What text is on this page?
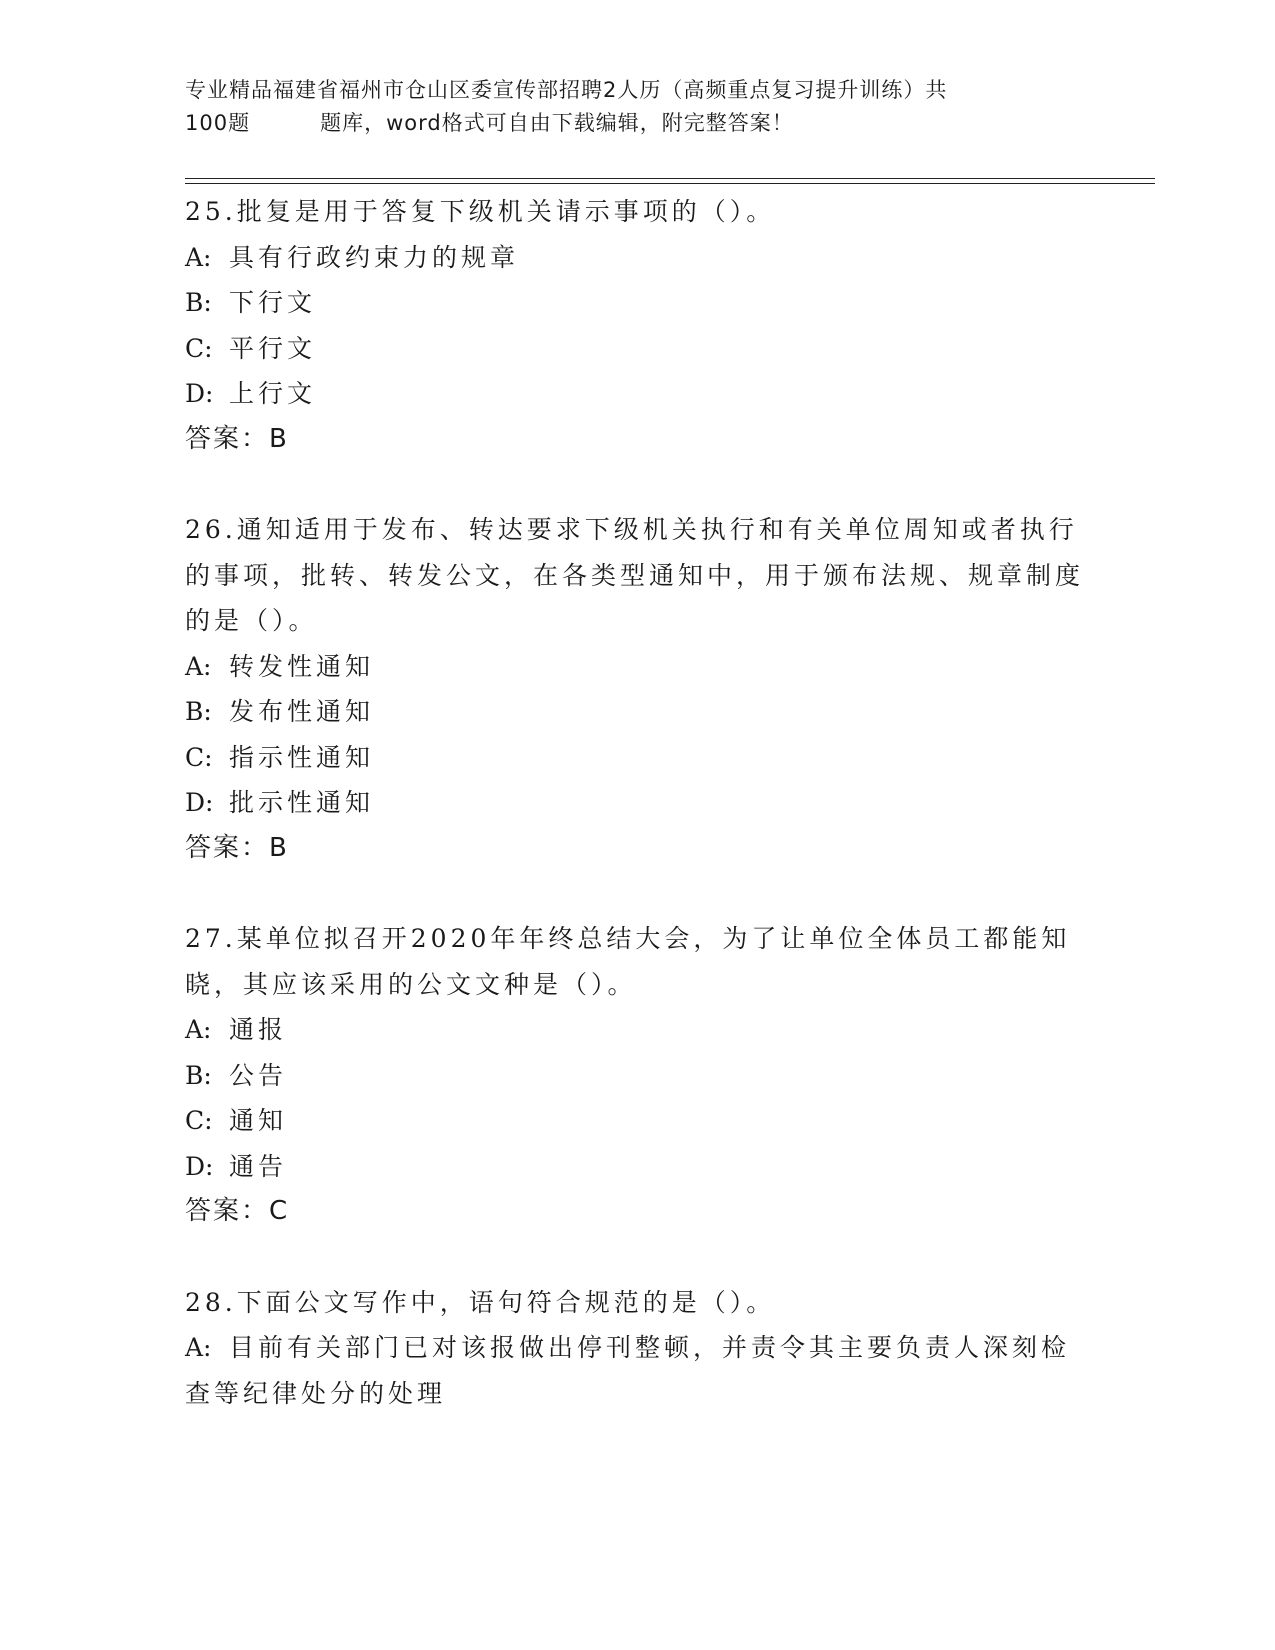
专业精品福建省福州市仓山区委宣传部招聘2人历（高频重点复习提升训练）共
100题	题库，word格式可自由下载编辑，附完整答案！
25.批复是用于答复下级机关请示事项的（）。
A: 具有行政约束力的规章
B: 下行文
C: 平行文
D: 上行文
答案：B
26.通知适用于发布、转达要求下级机关执行和有关单位周知或者执行的事项，批转、转发公文，在各类型通知中，用于颁布法规、规章制度的是（）。
A: 转发性通知
B: 发布性通知
C: 指示性通知
D: 批示性通知
答案：B
27.某单位拟召开2020年年终总结大会，为了让单位全体员工都能知晓，其应该采用的公文文种是（）。
A: 通报
B: 公告
C: 通知
D: 通告
答案：C
28.下面公文写作中，语句符合规范的是（）。
A: 目前有关部门已对该报做出停刊整顿，并责令其主要负责人深刻检查等纪律处分的处理
